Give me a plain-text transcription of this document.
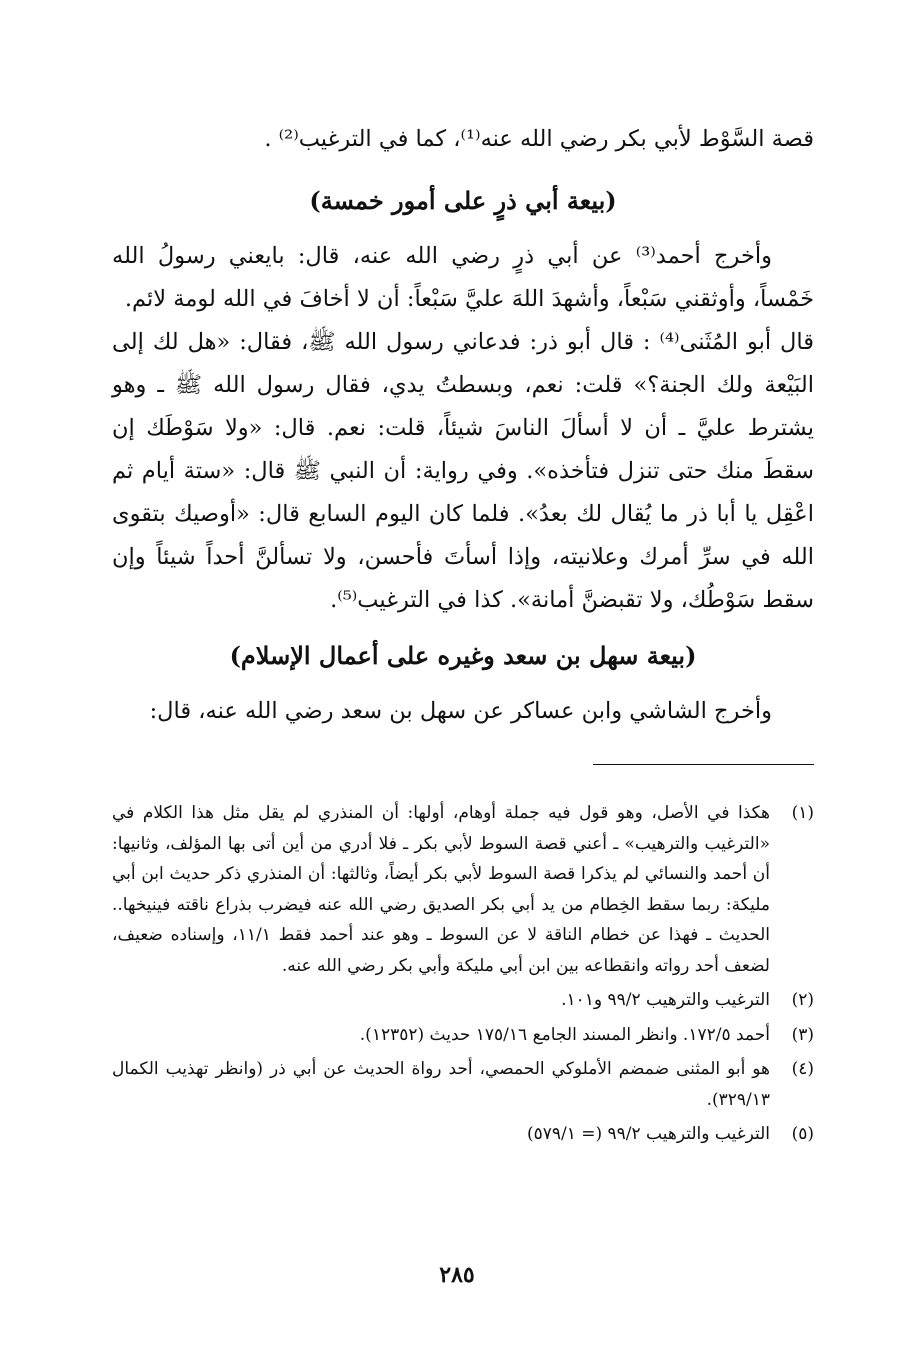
قصة السَّوْط لأبي بكر رضي الله عنه⁽¹⁾، كما في الترغيب⁽²⁾ .

(بيعة أبي ذرٍ على أمور خمسة)

وأخرج أحمد⁽³⁾ عن أبي ذرٍ رضي الله عنه، قال: بايعني رسولُ الله خَمْساً، وأوثقني سَبْعاً، وأشهدَ اللهَ عليَّ سَبْعاً: أن لا أخافَ في الله لومة لائم.

قال أبو المُثَنى⁽⁴⁾ : قال أبو ذر: فدعاني رسول الله ﷺ، فقال: «هل لك إلى البَيْعة ولك الجنة؟» قلت: نعم، وبسطتُ يدي، فقال رسول الله ﷺ ـ وهو يشترط عليَّ ـ أن لا أسألَ الناسَ شيئاً، قلت: نعم. قال: «ولا سَوْطَك إن سقطَ منك حتى تنزل فتأخذه». وفي رواية: أن النبي ﷺ قال: «ستة أيام ثم اعْقِل يا أبا ذر ما يُقال لك بعدُ». فلما كان اليوم السابع قال: «أوصيك بتقوى الله في سرِّ أمرك وعلانيته، وإذا أسأتَ فأحسن، ولا تسألنَّ أحداً شيئاً وإن سقط سَوْطُك، ولا تقبضنَّ أمانة». كذا في الترغيب⁽⁵⁾.

(بيعة سهل بن سعد وغيره على أعمال الإسلام)

وأخرج الشاشي وابن عساكر عن سهل بن سعد رضي الله عنه، قال:

(١)
هكذا في الأصل، وهو قول فيه جملة أوهام، أولها: أن المنذري لم يقل مثل هذا الكلام في «الترغيب والترهيب» ـ أعني قصة السوط لأبي بكر ـ فلا أدري من أين أتى بها المؤلف، وثانيها: أن أحمد والنسائي لم يذكرا قصة السوط لأبي بكر أيضاً، وثالثها: أن المنذري ذكر حديث ابن أبي مليكة: ربما سقط الخِطام من يد أبي بكر الصديق رضي الله عنه فيضرب بذراع ناقته فينيخها.. الحديث ـ فهذا عن خطام الناقة لا عن السوط ـ وهو عند أحمد فقط ١١/١، وإسناده ضعيف، لضعف أحد رواته وانقطاعه بين ابن أبي مليكة وأبي بكر رضي الله عنه.
(٢)
الترغيب والترهيب ٩٩/٢ و١٠١.
(٣)
أحمد ١٧٢/٥. وانظر المسند الجامع ١٧٥/١٦ حديث (١٢٣٥٢).
(٤)
هو أبو المثنى ضمضم الأملوكي الحمصي، أحد رواة الحديث عن أبي ذر (وانظر تهذيب الكمال ٣٢٩/١٣).
(٥)
الترغيب والترهيب ٩٩/٢ (= ٥٧٩/١)
٢٨٥
